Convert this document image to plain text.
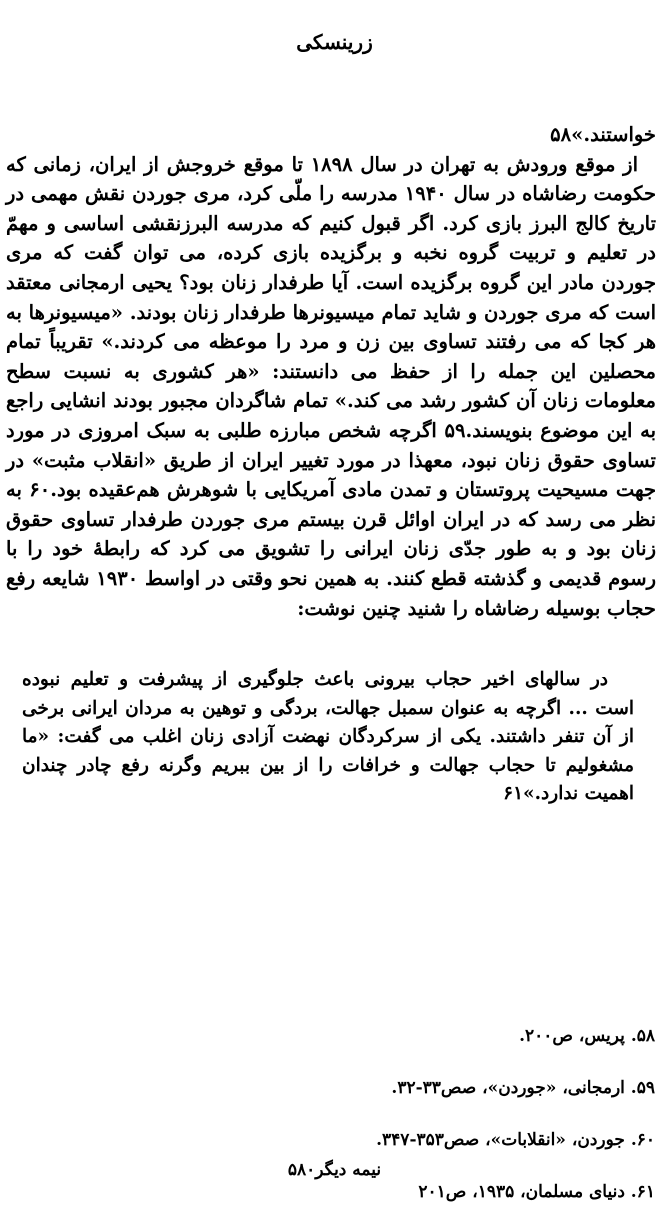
زرینسکی

خواستند.»۵۸

از موقع ورودش به تهران در سال ۱۸۹۸ تا موقع خروجش از ایران، زمانی که حکومت رضاشاه در سال ۱۹۴۰ مدرسه را ملّی کرد، مری جوردن نقش مهمی در تاریخ کالج البرز بازی کرد. اگر قبول کنیم که مدرسه البرزنقشی اساسی و مهمّ در تعلیم و تربیت گروه نخبه و برگزیده بازی کرده، می توان گفت که مری جوردن مادر این گروه برگزیده است. آیا طرفدار زنان بود؟ یحیی ارمجانی معتقد است که مری جوردن و شاید تمام میسیونرها طرفدار زنان بودند. «میسیونرها به هر کجا که می رفتند تساوی بین زن و مرد را موعظه می کردند.» تقریباً تمام محصلین این جمله را از حفظ می دانستند: «هر کشوری به نسبت سطح معلومات زنان آن کشور رشد می کند.» تمام شاگردان مجبور بودند انشایی راجع به این موضوع بنویسند.۵۹ اگرچه شخص مبارزه طلبی به سبک امروزی در مورد تساوی حقوق زنان نبود، معهذا در مورد تغییر ایران از طریق «انقلاب مثبت» در جهت مسیحیت پروتستان و تمدن مادی آمریکایی با شوهرش هم‌عقیده بود.۶۰ به نظر می رسد که در ایران اوائل قرن بیستم مری جوردن طرفدار تساوی حقوق زنان بود و به طور جدّی زنان ایرانی را تشویق می کرد که رابطهٔ خود را با رسوم قدیمی و گذشته قطع کنند. به همین نحو وقتی در اواسط ۱۹۳۰ شایعه رفع حجاب بوسیله رضاشاه را شنید چنین نوشت:

در سالهای اخیر حجاب بیرونی باعث جلوگیری از پیشرفت و تعلیم نبوده است ... اگرچه به عنوان سمبل جهالت، بردگی و توهین به مردان ایرانی برخی از آن تنفر داشتند. یکی از سرکردگان نهضت آزادی زنان اغلب می گفت: «ما مشغولیم تا حجاب جهالت و خرافات را از بین ببریم وگرنه رفع چادر چندان اهمیت ندارد.»۶۱

۵۸. پریس، ص۲۰۰.
۵۹. ارمجانی، «جوردن»، صص۳۳-۳۲.
۶۰. جوردن، «انقلابات»، صص۳۵۳-۳۴۷.
۶۱. دنیای مسلمان، ۱۹۳۵، ص۲۰۱
نیمه دیگر۵۸۰
